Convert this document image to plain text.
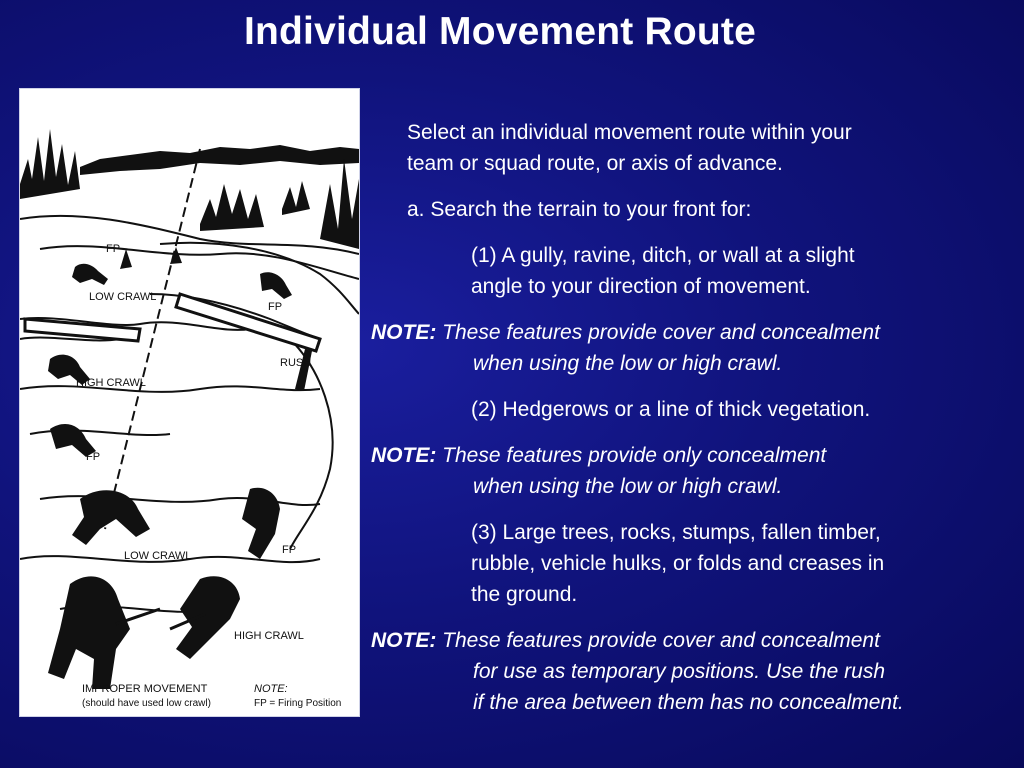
Individual Movement Route
FP
LOW CRAWL
FP
RUSH
HIGH CRAWL
FP
LOW CRAWL	FP
HIGH CRAWL
IMPROPER MOVEMENT
(should have used low crawl)
NOTE:
FP = Firing Position
Select an individual movement route within your
team or squad route, or axis of advance.
a. Search the terrain to your front for:
(1) A gully, ravine, ditch, or wall at a slight
angle to your direction of movement.
NOTE: These features provide cover and concealment
when using the low or high crawl.
(2) Hedgerows or a line of thick vegetation.
NOTE: These features provide only concealment
when using the low or high crawl.
(3) Large trees, rocks, stumps, fallen timber,
rubble, vehicle hulks, or folds and creases in
the ground.
NOTE: These features provide cover and concealment
for use as temporary positions. Use the rush
if the area between them has no concealment.
